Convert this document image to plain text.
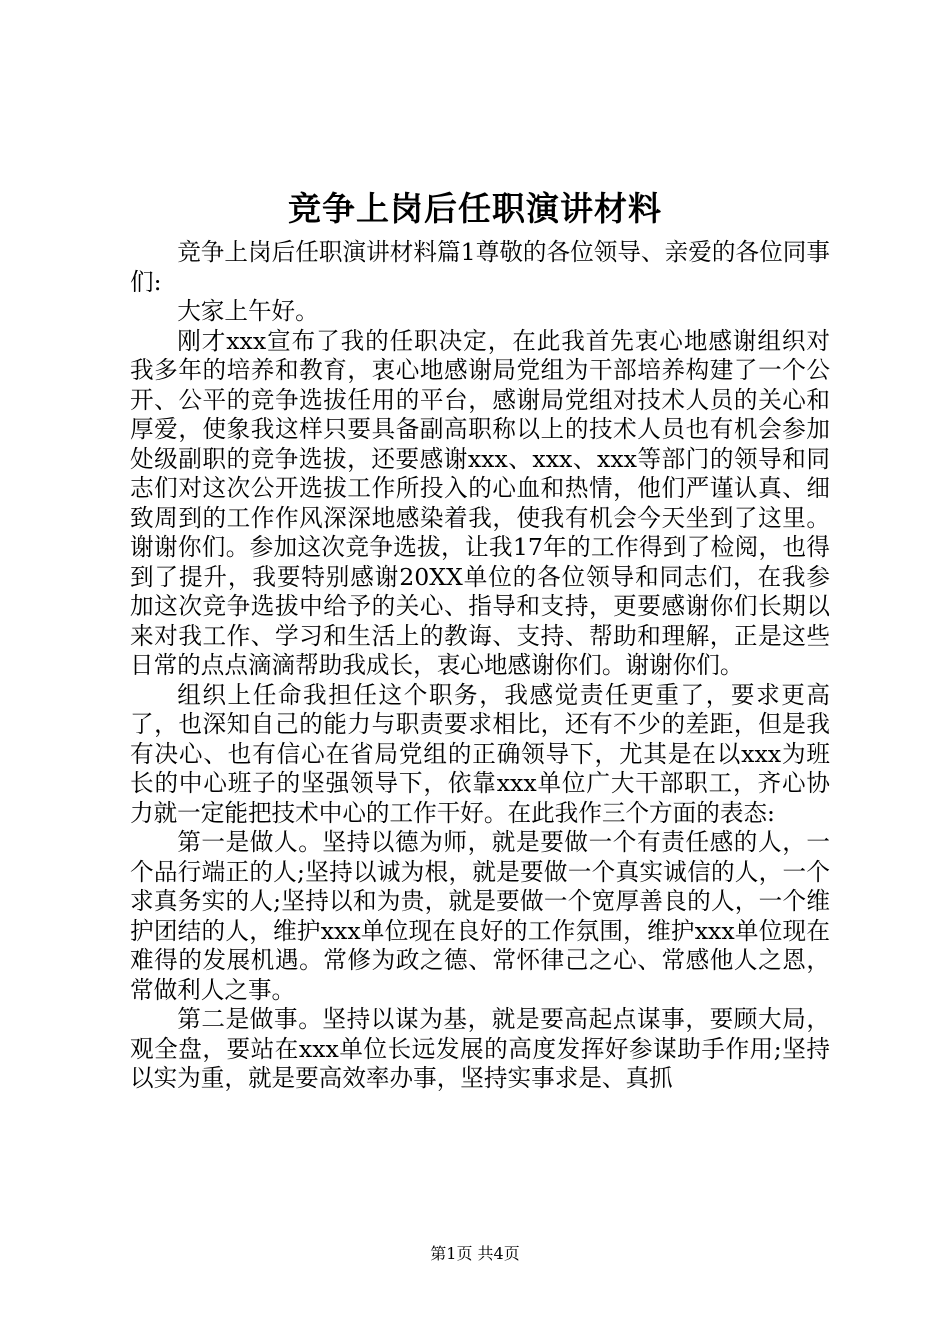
竞争上岗后任职演讲材料

竞争上岗后任职演讲材料篇1尊敬的各位领导、亲爱的各位同事们:

大家上午好。

刚才xxx宣布了我的任职决定，在此我首先衷心地感谢组织对我多年的培养和教育，衷心地感谢局党组为干部培养构建了一个公开、公平的竞争选拔任用的平台，感谢局党组对技术人员的关心和厚爱，使象我这样只要具备副高职称以上的技术人员也有机会参加处级副职的竞争选拔，还要感谢xxx、xxx、xxx等部门的领导和同志们对这次公开选拔工作所投入的心血和热情，他们严谨认真、细致周到的工作作风深深地感染着我，使我有机会今天坐到了这里。谢谢你们。参加这次竞争选拔，让我17年的工作得到了检阅，也得到了提升，我要特别感谢20XX单位的各位领导和同志们，在我参加这次竞争选拔中给予的关心、指导和支持，更要感谢你们长期以来对我工作、学习和生活上的教诲、支持、帮助和理解，正是这些日常的点点滴滴帮助我成长，衷心地感谢你们。谢谢你们。

组织上任命我担任这个职务，我感觉责任更重了，要求更高了，也深知自己的能力与职责要求相比，还有不少的差距，但是我有决心、也有信心在省局党组的正确领导下，尤其是在以xxx为班长的中心班子的坚强领导下，依靠xxx单位广大干部职工，齐心协力就一定能把技术中心的工作干好。在此我作三个方面的表态:

第一是做人。坚持以德为师，就是要做一个有责任感的人，一个品行端正的人;坚持以诚为根，就是要做一个真实诚信的人，一个求真务实的人;坚持以和为贵，就是要做一个宽厚善良的人，一个维护团结的人，维护xxx单位现在良好的工作氛围，维护xxx单位现在难得的发展机遇。常修为政之德、常怀律己之心、常感他人之恩，常做利人之事。

第二是做事。坚持以谋为基，就是要高起点谋事，要顾大局，观全盘，要站在xxx单位长远发展的高度发挥好参谋助手作用;坚持以实为重，就是要高效率办事，坚持实事求是、真抓

第1页 共4页
